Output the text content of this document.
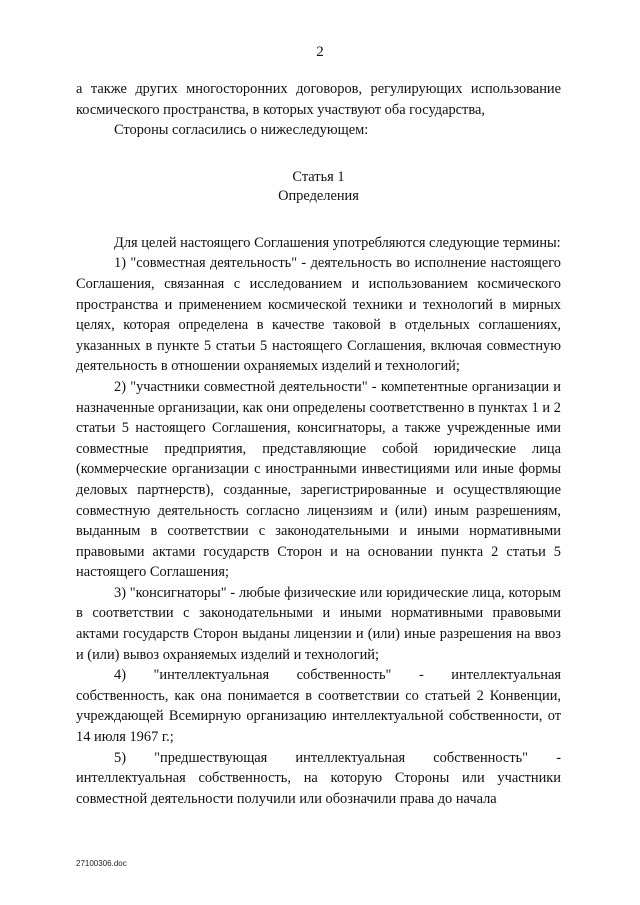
2

а также других многосторонних договоров, регулирующих использование космического пространства, в которых участвуют оба государства,

Стороны согласились о нижеследующем:

Статья 1
Определения

Для целей настоящего Соглашения употребляются следующие термины:

1) "совместная деятельность" - деятельность во исполнение настоящего Соглашения, связанная с исследованием и использованием космического пространства и применением космической техники и технологий в мирных целях, которая определена в качестве таковой в отдельных соглашениях, указанных в пункте 5 статьи 5 настоящего Соглашения, включая совместную деятельность в отношении охраняемых изделий и технологий;

2) "участники совместной деятельности" - компетентные организации и назначенные организации, как они определены соответственно в пунктах 1 и 2 статьи 5 настоящего Соглашения, консигнаторы, а также учрежденные ими совместные предприятия, представляющие собой юридические лица (коммерческие организации с иностранными инвестициями или иные формы деловых партнерств), созданные, зарегистрированные и осуществляющие совместную деятельность согласно лицензиям и (или) иным разрешениям, выданным в соответствии с законодательными и иными нормативными правовыми актами государств Сторон и на основании пункта 2 статьи 5 настоящего Соглашения;

3) "консигнаторы" - любые физические или юридические лица, которым в соответствии с законодательными и иными нормативными правовыми актами государств Сторон выданы лицензии и (или) иные разрешения на ввоз и (или) вывоз охраняемых изделий и технологий;

4) "интеллектуальная собственность" - интеллектуальная собственность, как она понимается в соответствии со статьей 2 Конвенции, учреждающей Всемирную организацию интеллектуальной собственности, от 14 июля 1967 г.;

5) "предшествующая интеллектуальная собственность" - интеллектуальная собственность, на которую Стороны или участники совместной деятельности получили или обозначили права до начала

27100306.doc
